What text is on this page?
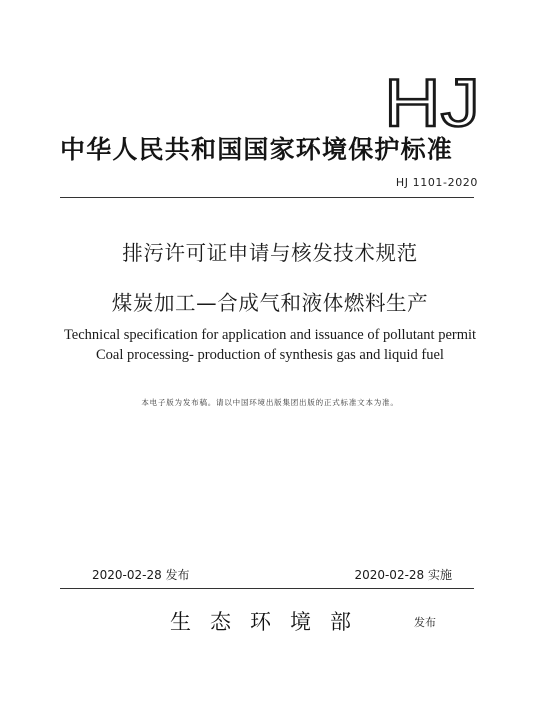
HJ
中华人民共和国国家环境保护标准
HJ 1101-2020
排污许可证申请与核发技术规范
煤炭加工—合成气和液体燃料生产
Technical specification for application and issuance of pollutant permit
Coal processing- production of synthesis gas and liquid fuel
本电子版为发布稿。请以中国环境出版集团出版的正式标准文本为准。
2020-02-28 发布	2020-02-28 实施
生态环境部	发布
